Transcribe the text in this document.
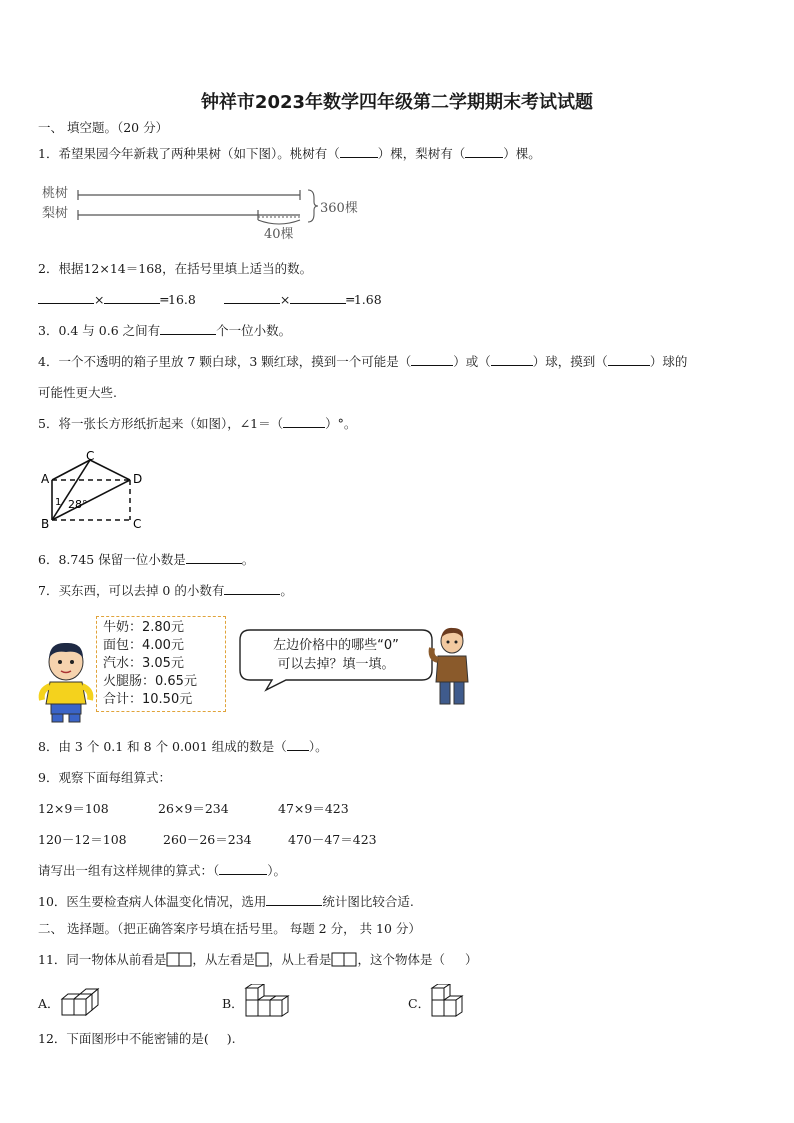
钟祥市2023年数学四年级第二学期期末考试试题
一、 填空题。（20 分）
1．希望果园今年新栽了两种果树（如下图）。桃树有（	）棵，梨树有（	）棵。
桃树
梨树	360棵
40棵
2．根据12×14＝168，在括号里填上适当的数。
×	═16.8	×	═1.68
3．0.4 与 0.6 之间有	个一位小数。
4．一个不透明的箱子里放 7 颗白球，3 颗红球，摸到一个可能是（	）或（	）球，摸到（	）球的
可能性更大些.
5．将一张长方形纸折起来（如图），∠1＝（	）°。
A
C
D
B	C
1 28°
6．8.745 保留一位小数是	。
7．买东西，可以去掉 0 的小数有	。
牛奶：2.80元
面包：4.00元
汽水：3.05元
火腿肠：0.65元
合计：10.50元
左边价格中的哪些“0”
可以去掉？填一填。
8．由 3 个 0.1 和 8 个 0.001 组成的数是（ ）。
9．观察下面每组算式：
12×9＝108	26×9＝234	47×9＝423
120－12＝108	260－26＝234	470－47＝423
请写出一组有这样规律的算式：（	）。
10．医生要检查病人体温变化情况，选用	统计图比较合适.
二、 选择题。（把正确答案序号填在括号里。 每题 2 分， 共 10 分）
11．同一物体从前看是 ，从左看是 ，从上看是 ，这个物体是（ ）
A．	B．	C．
12．下面图形中不能密铺的是( ).
